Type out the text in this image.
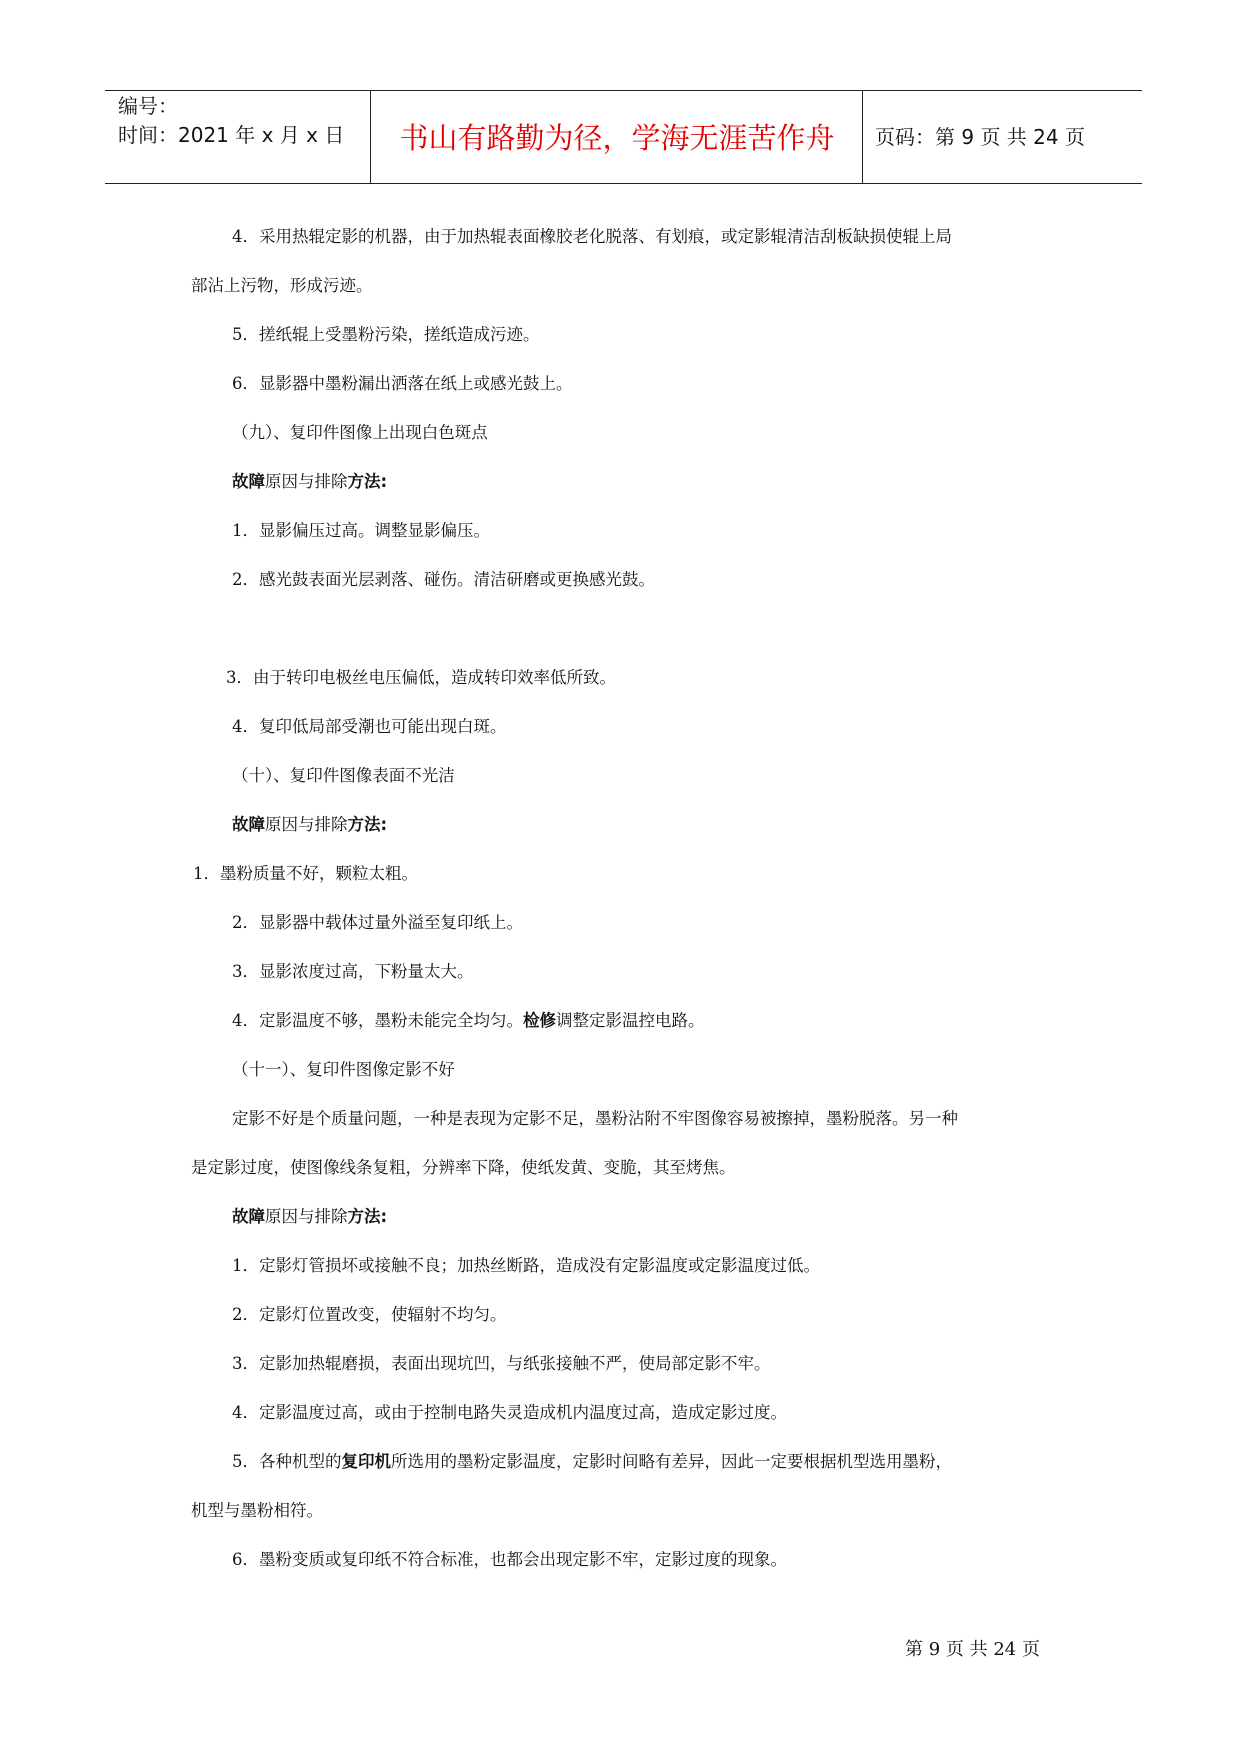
编号：
时间：2021 年 x 月 x 日	书山有路勤为径，学海无涯苦作舟	页码：第 9 页 共 24 页
4．采用热辊定影的机器，由于加热辊表面橡胶老化脱落、有划痕，或定影辊清洁刮板缺损使辊上局
部沾上污物，形成污迹。
5．搓纸辊上受墨粉污染，搓纸造成污迹。
6．显影器中墨粉漏出洒落在纸上或感光鼓上。
（九）、复印件图像上出现白色斑点
故障原因与排除方法:
1．显影偏压过高。调整显影偏压。
2．感光鼓表面光层剥落、碰伤。清洁研磨或更换感光鼓。
3．由于转印电极丝电压偏低，造成转印效率低所致。
4．复印低局部受潮也可能出现白斑。
（十）、复印件图像表面不光洁
故障原因与排除方法:
1．墨粉质量不好，颗粒太粗。
2．显影器中载体过量外溢至复印纸上。
3．显影浓度过高，下粉量太大。
4．定影温度不够，墨粉未能完全均匀。检修调整定影温控电路。
（十一）、复印件图像定影不好
定影不好是个质量问题，一种是表现为定影不足，墨粉沾附不牢图像容易被擦掉，墨粉脱落。另一种
是定影过度，使图像线条复粗，分辨率下降，使纸发黄、变脆，其至烤焦。
故障原因与排除方法:
1．定影灯管损坏或接触不良；加热丝断路，造成没有定影温度或定影温度过低。
2．定影灯位置改变，使辐射不均匀。
3．定影加热辊磨损，表面出现坑凹，与纸张接触不严，使局部定影不牢。
4．定影温度过高，或由于控制电路失灵造成机内温度过高，造成定影过度。
5．各种机型的复印机所选用的墨粉定影温度，定影时间略有差异，因此一定要根据机型选用墨粉，
机型与墨粉相符。
6．墨粉变质或复印纸不符合标准，也都会出现定影不牢，定影过度的现象。
第 9 页 共 24 页
